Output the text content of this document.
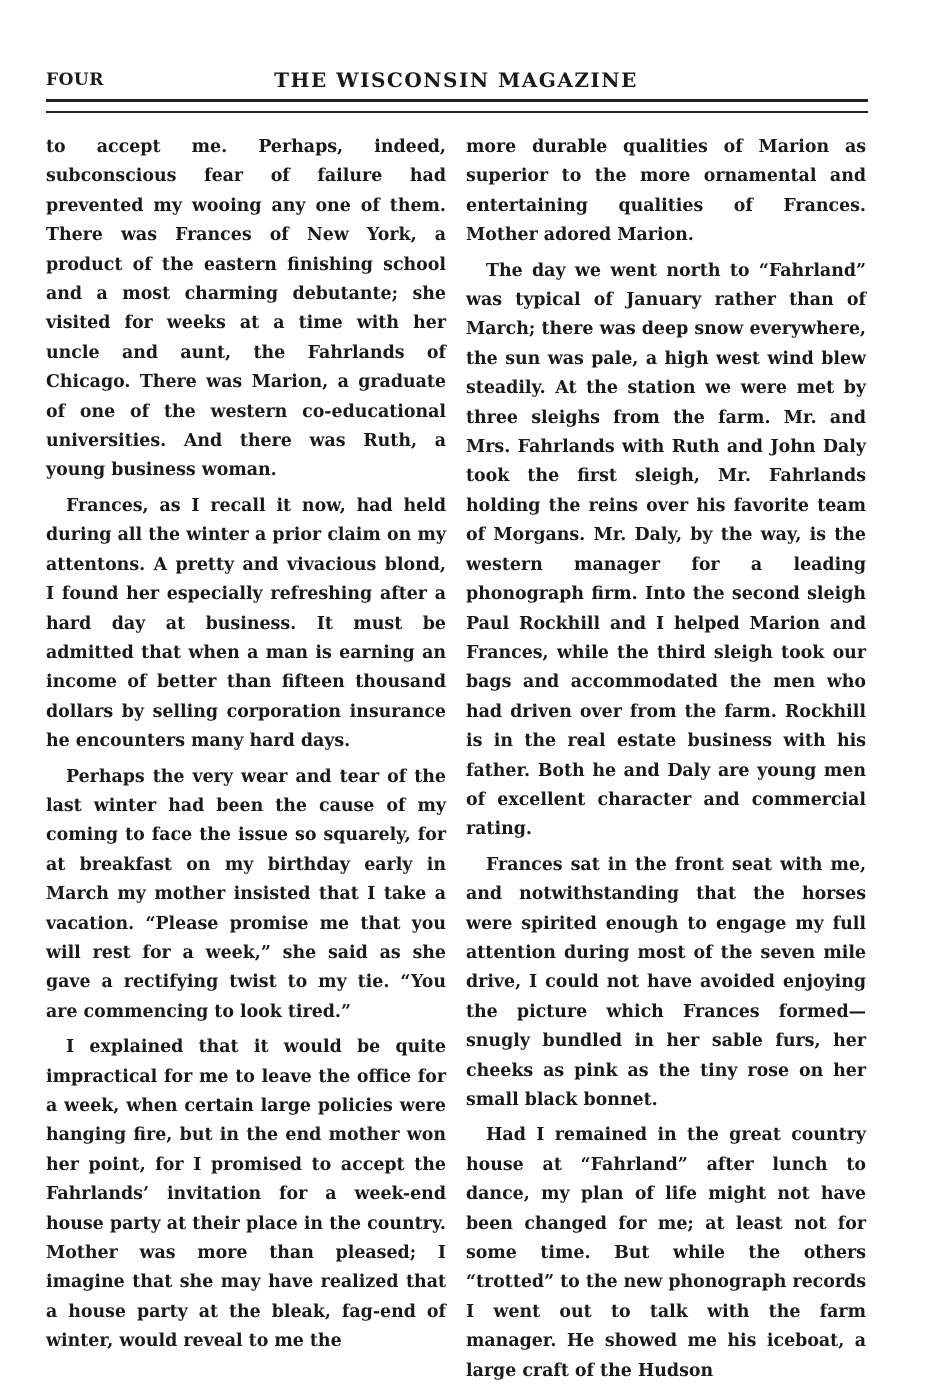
FOUR	THE WISCONSIN MAGAZINE

to accept me. Perhaps, indeed, subconscious fear of failure had prevented my wooing any one of them. There was Frances of New York, a product of the eastern finishing school and a most charming debutante; she visited for weeks at a time with her uncle and aunt, the Fahrlands of Chicago. There was Marion, a graduate of one of the western co-educational universities. And there was Ruth, a young business woman.

Frances, as I recall it now, had held during all the winter a prior claim on my attentons. A pretty and vivacious blond, I found her especially refreshing after a hard day at business. It must be admitted that when a man is earning an income of better than fifteen thousand dollars by selling corporation insurance he encounters many hard days.

Perhaps the very wear and tear of the last winter had been the cause of my coming to face the issue so squarely, for at breakfast on my birthday early in March my mother insisted that I take a vacation. “Please promise me that you will rest for a week,” she said as she gave a rectifying twist to my tie. “You are commencing to look tired.”

I explained that it would be quite impractical for me to leave the office for a week, when certain large policies were hanging fire, but in the end mother won her point, for I promised to accept the Fahrlands’ invitation for a week-end house party at their place in the country. Mother was more than pleased; I imagine that she may have realized that a house party at the bleak, fag-end of winter, would reveal to me the

more durable qualities of Marion as superior to the more ornamental and entertaining qualities of Frances. Mother adored Marion.

The day we went north to “Fahrland” was typical of January rather than of March; there was deep snow everywhere, the sun was pale, a high west wind blew steadily. At the station we were met by three sleighs from the farm. Mr. and Mrs. Fahrlands with Ruth and John Daly took the first sleigh, Mr. Fahrlands holding the reins over his favorite team of Morgans. Mr. Daly, by the way, is the western manager for a leading phonograph firm. Into the second sleigh Paul Rockhill and I helped Marion and Frances, while the third sleigh took our bags and accommodated the men who had driven over from the farm. Rockhill is in the real estate business with his father. Both he and Daly are young men of excellent character and commercial rating.

Frances sat in the front seat with me, and notwithstanding that the horses were spirited enough to engage my full attention during most of the seven mile drive, I could not have avoided enjoying the picture which Frances formed—snugly bundled in her sable furs, her cheeks as pink as the tiny rose on her small black bonnet.

Had I remained in the great country house at “Fahrland” after lunch to dance, my plan of life might not have been changed for me; at least not for some time. But while the others “trotted” to the new phonograph records I went out to talk with the farm manager. He showed me his iceboat, a large craft of the Hudson
